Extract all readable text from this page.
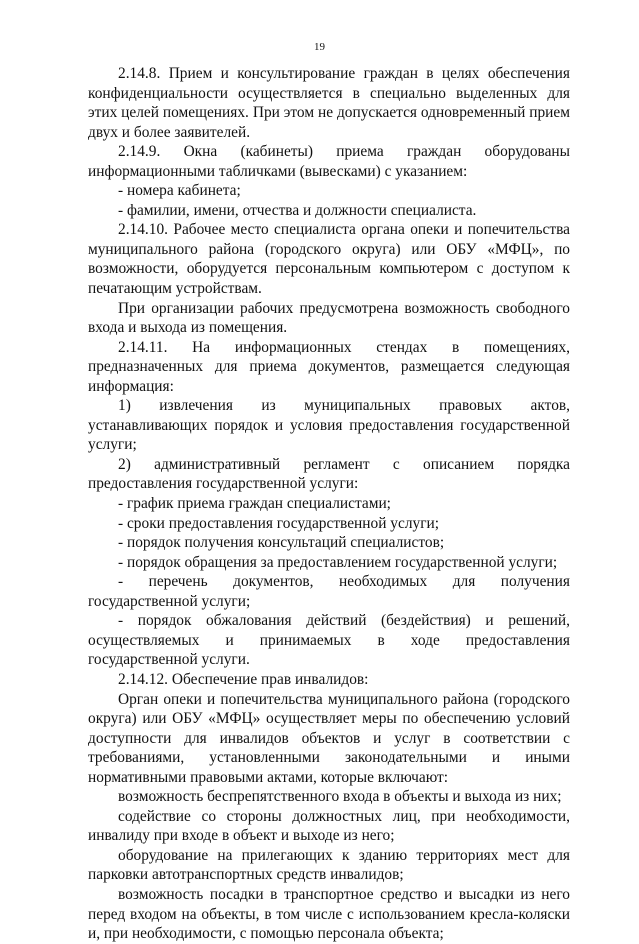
19

2.14.8. Прием и консультирование граждан в целях обеспечения конфиденциальности осуществляется в специально выделенных для этих целей помещениях. При этом не допускается одновременный прием двух и более заявителей.

2.14.9. Окна (кабинеты) приема граждан оборудованы информационными табличками (вывесками) с указанием:

- номера кабинета;

- фамилии, имени, отчества и должности специалиста.

2.14.10. Рабочее место специалиста органа опеки и попечительства муниципального района (городского округа) или ОБУ «МФЦ», по возможности, оборудуется персональным компьютером с доступом к печатающим устройствам.

При организации рабочих предусмотрена возможность свободного входа и выхода из помещения.

2.14.11. На информационных стендах в помещениях, предназначенных для приема документов, размещается следующая информация:

1) извлечения из муниципальных правовых актов, устанавливающих порядок и условия предоставления государственной услуги;

2) административный регламент с описанием порядка предоставления государственной услуги:

- график приема граждан специалистами;

- сроки предоставления государственной услуги;

- порядок получения консультаций специалистов;

- порядок обращения за предоставлением государственной услуги;

- перечень документов, необходимых для получения государственной услуги;

- порядок обжалования действий (бездействия) и решений, осуществляемых и принимаемых в ходе предоставления государственной услуги.

2.14.12. Обеспечение прав инвалидов:

Орган опеки и попечительства муниципального района (городского округа) или ОБУ «МФЦ» осуществляет меры по обеспечению условий доступности для инвалидов объектов и услуг в соответствии с требованиями, установленными законодательными и иными нормативными правовыми актами, которые включают:

возможность беспрепятственного входа в объекты и выхода из них;

содействие со стороны должностных лиц, при необходимости, инвалиду при входе в объект и выходе из него;

оборудование на прилегающих к зданию территориях мест для парковки автотранспортных средств инвалидов;

возможность посадки в транспортное средство и высадки из него перед входом на объекты, в том числе с использованием кресла-коляски и, при необходимости, с помощью персонала объекта;
